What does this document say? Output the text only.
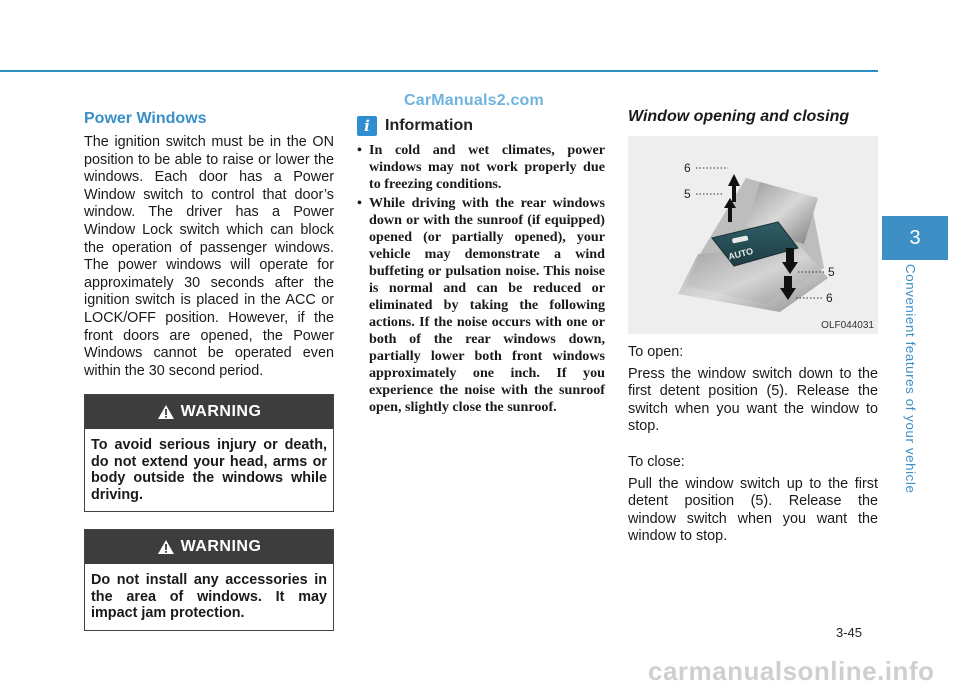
CarManuals2.com
Power Windows

The ignition switch must be in the ON position to be able to raise or lower the windows. Each door has a Power Window switch to control that door’s window. The driver has a Power Window Lock switch which can block the operation of passenger windows. The power windows will operate for approximately 30 seconds after the ignition switch is placed in the ACC or LOCK/OFF position. However, if the front doors are opened, the Power Windows cannot be operated even within the 30 second period.

WARNING
To avoid serious injury or death, do not extend your head, arms or body outside the windows while driving.
WARNING
Do not install any accessories in the area of windows. It may impact jam protection.
i Information
• In cold and wet climates, power windows may not work properly due to freezing conditions.
• While driving with the rear windows down or with the sunroof (if equipped) opened (or partially opened), your vehicle may demonstrate a wind buffeting or pulsation noise. This noise is normal and can be reduced or eliminated by taking the following actions. If the noise occurs with one or both of the rear windows down, partially lower both front windows approximately one inch. If you experience the noise with the sunroof open, slightly close the sunroof.
Window opening and closing
AUTO
6
5
5
6
OLF044031

To open:

Press the window switch down to the first detent position (5). Release the switch when you want the window to stop.

To close:

Pull the window switch up to the first detent position (5). Release the window switch when you want the window to stop.

3
Convenient features of your vehicle
3-45
carmanualsonline.info
